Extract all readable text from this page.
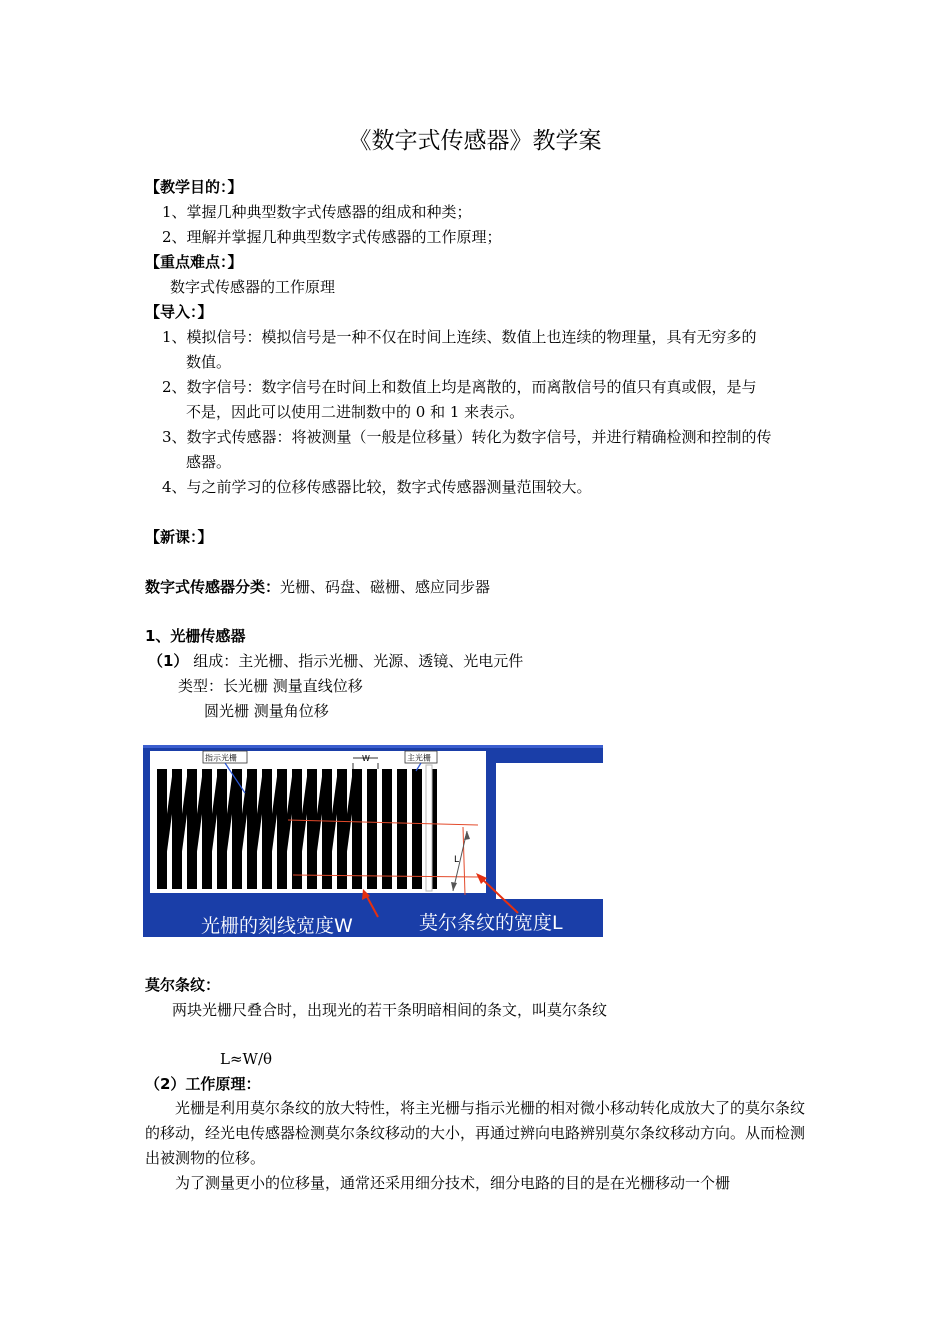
《数字式传感器》教学案
【教学目的：】
1、掌握几种典型数字式传感器的组成和种类；
2、理解并掌握几种典型数字式传感器的工作原理；
【重点难点：】
数字式传感器的工作原理
【导入：】
1、模拟信号：模拟信号是一种不仅在时间上连续、数值上也连续的物理量，具有无穷多的
数值。
2、数字信号：数字信号在时间上和数值上均是离散的，而离散信号的值只有真或假，是与
不是，因此可以使用二进制数中的 0 和 1 来表示。
3、数字式传感器：将被测量（一般是位移量）转化为数字信号，并进行精确检测和控制的传
感器。
4、与之前学习的位移传感器比较，数字式传感器测量范围较大。
【新课：】
数字式传感器分类：光栅、码盘、磁栅、感应同步器
1、光栅传感器
（1） 组成：主光栅、指示光栅、光源、透镜、光电元件
类型：长光栅 测量直线位移
圆光栅 测量角位移
指示光栅	主光栅
W
L
光栅的刻线宽度W	莫尔条纹的宽度L
莫尔条纹：
两块光栅尺叠合时，出现光的若干条明暗相间的条文，叫莫尔条纹
L≈W/θ
（2）工作原理：
光栅是利用莫尔条纹的放大特性，将主光栅与指示光栅的相对微小移动转化成放大了的莫尔条纹的移动，经光电传感器检测莫尔条纹移动的大小，再通过辨向电路辨别莫尔条纹移动方向。从而检测出被测物的位移。
为了测量更小的位移量，通常还采用细分技术，细分电路的目的是在光栅移动一个栅
